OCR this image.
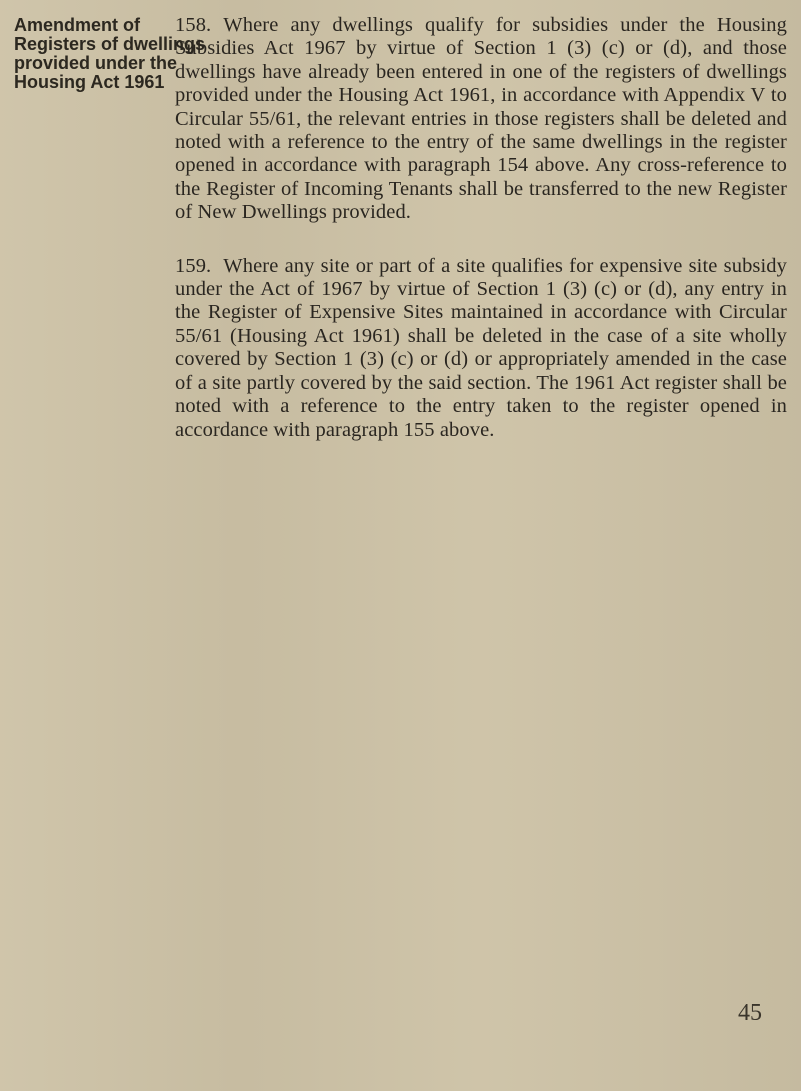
Amendment of
Registers of dwellings
provided under the
Housing Act 1961

158. Where any dwellings qualify for subsidies under the Housing Subsidies Act 1967 by virtue of Section 1 (3) (c) or (d), and those dwellings have already been entered in one of the registers of dwellings provided under the Housing Act 1961, in accordance with Appendix V to Circular 55/61, the relevant entries in those registers shall be deleted and noted with a reference to the entry of the same dwellings in the register opened in accordance with paragraph 154 above. Any cross-reference to the Register of Incoming Tenants shall be transferred to the new Register of New Dwellings provided.

159. Where any site or part of a site qualifies for expensive site subsidy under the Act of 1967 by virtue of Section 1 (3) (c) or (d), any entry in the Register of Expensive Sites maintained in accordance with Circular 55/61 (Housing Act 1961) shall be deleted in the case of a site wholly covered by Section 1 (3) (c) or (d) or appropriately amended in the case of a site partly covered by the said section. The 1961 Act register shall be noted with a reference to the entry taken to the register opened in accordance with paragraph 155 above.

45
